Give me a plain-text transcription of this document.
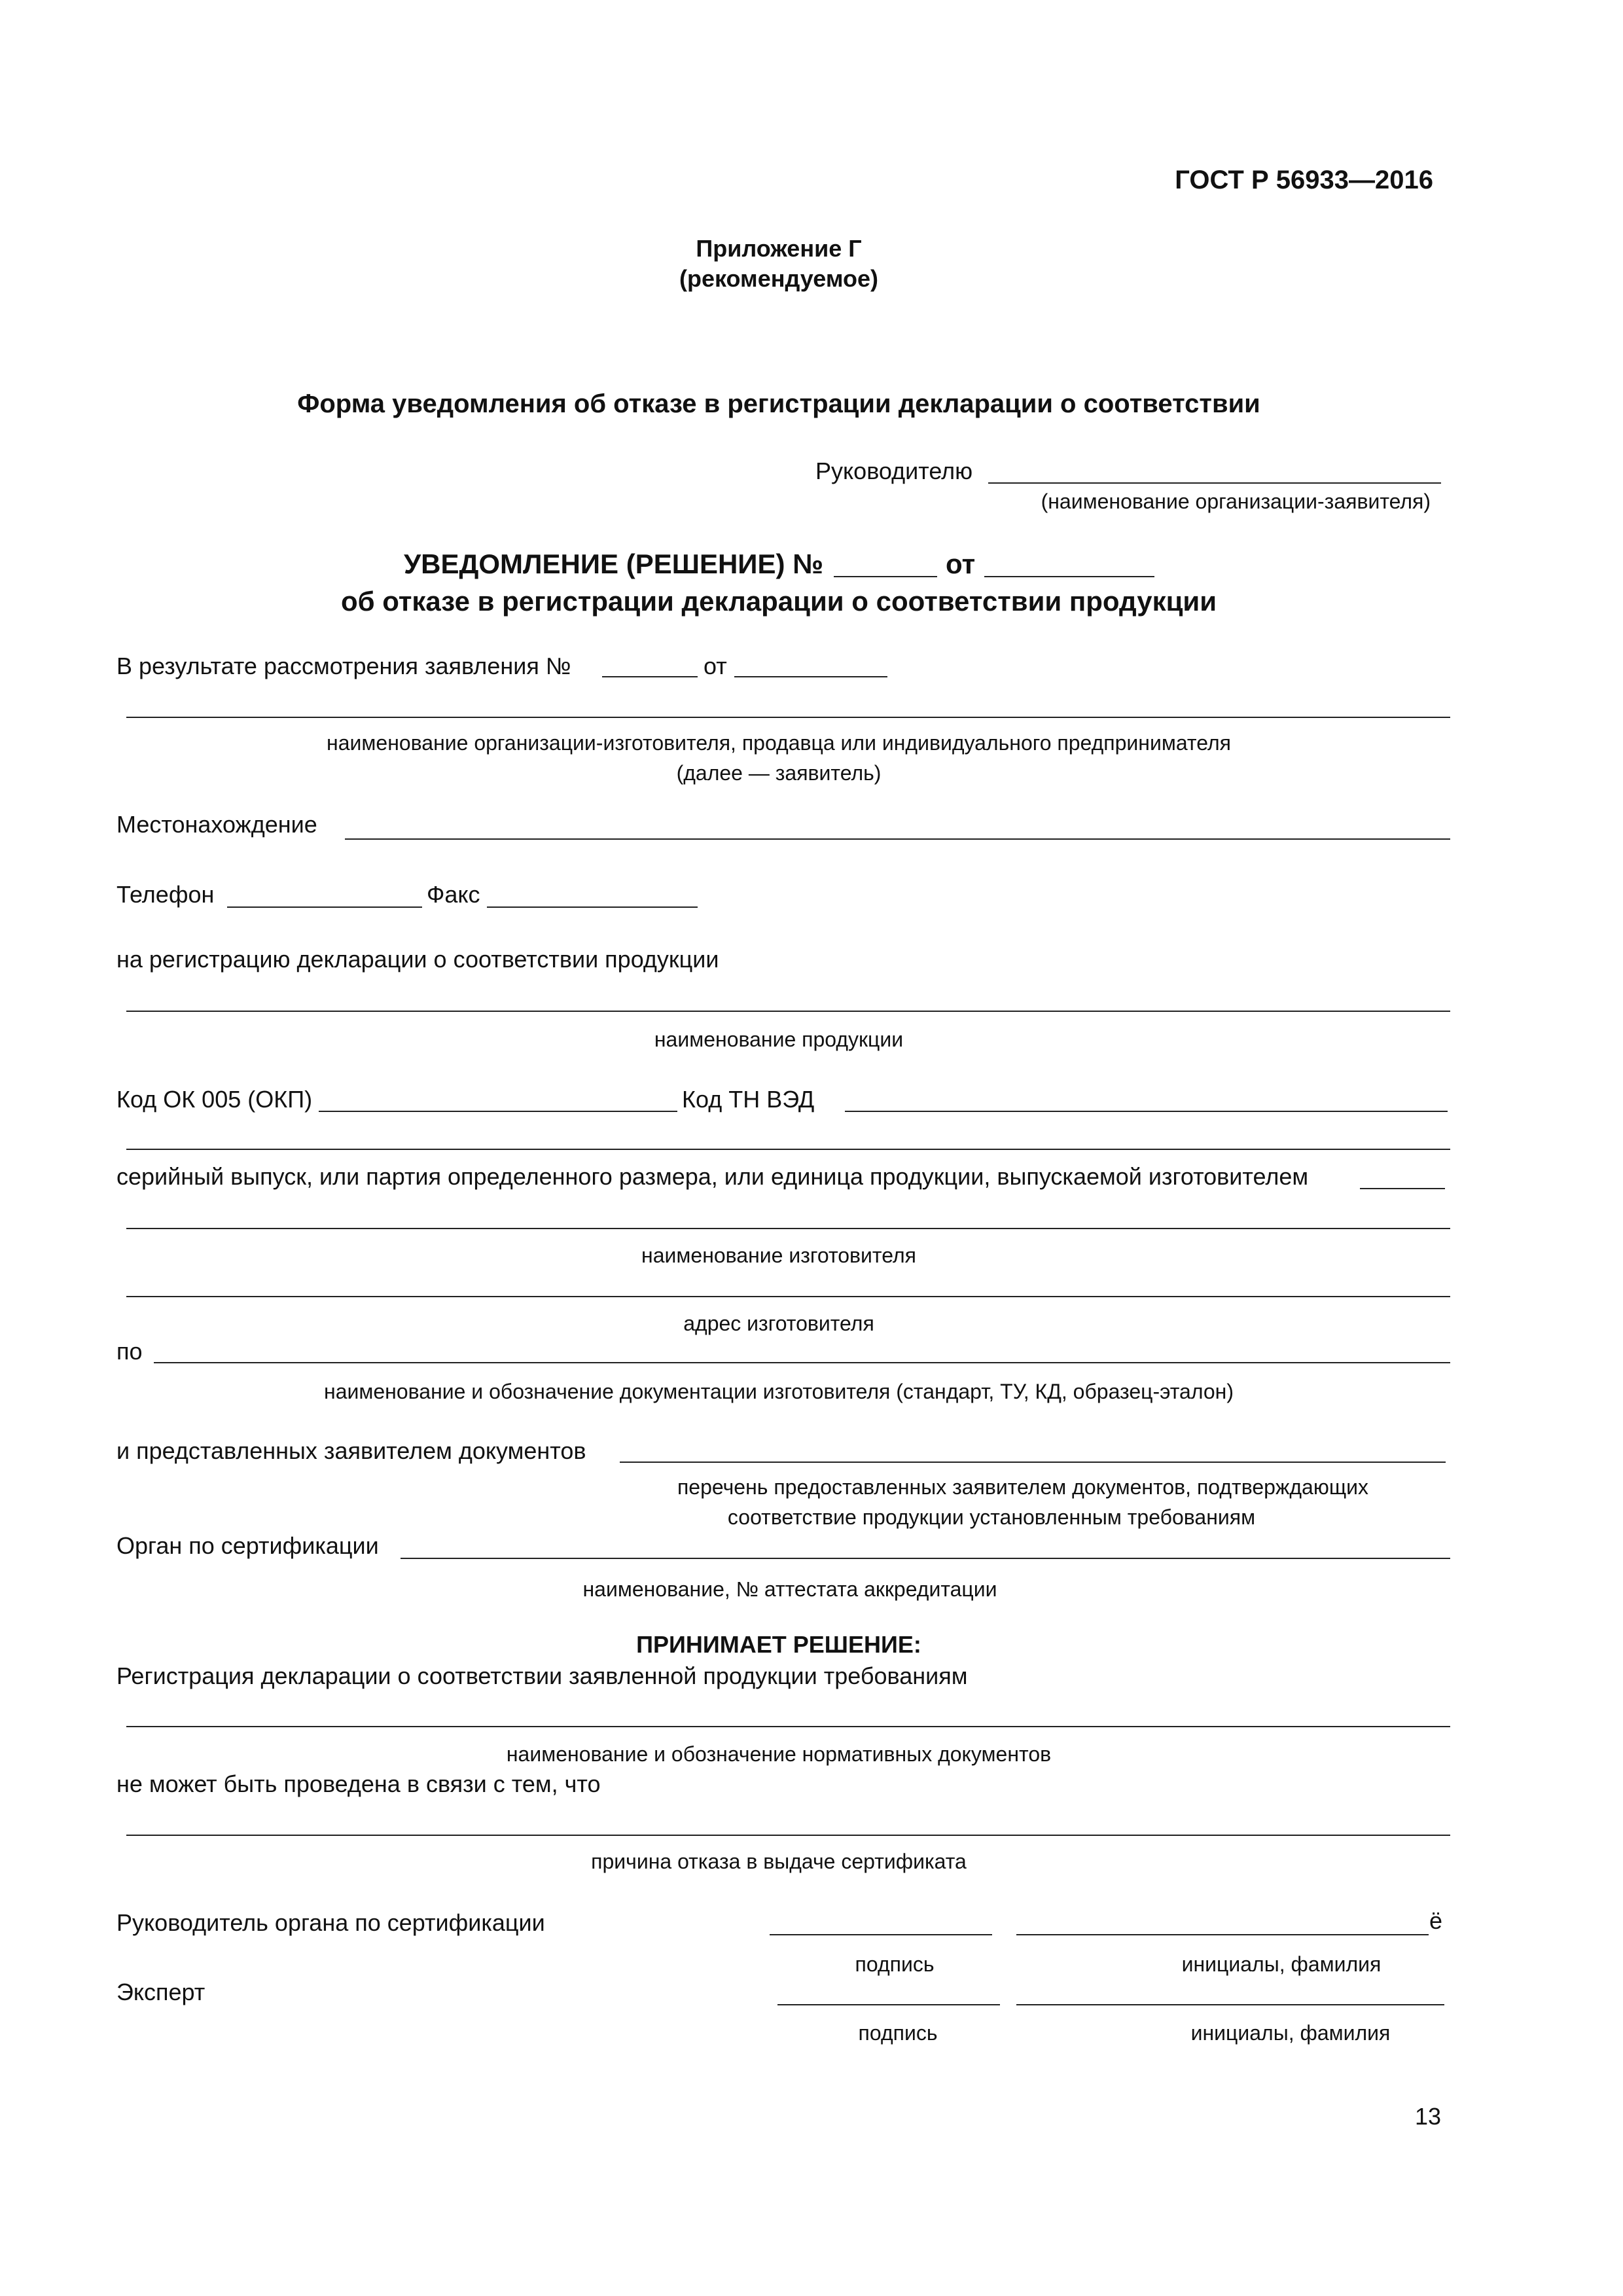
ГОСТ Р 56933—2016
Приложение Г
(рекомендуемое)
Форма уведомления об отказе в регистрации декларации о соответствии
Руководителю
(наименование организации-заявителя)
УВЕДОМЛЕНИЕ (РЕШЕНИЕ) №	от
об отказе в регистрации декларации о соответствии продукции
В результате рассмотрения заявления №	от
наименование организации-изготовителя, продавца или индивидуального предпринимателя
(далее — заявитель)
Местонахождение
Телефон	Факс
на регистрацию декларации о соответствии продукции
наименование продукции
Код ОК 005 (ОКП)	Код ТН ВЭД
серийный выпуск, или партия определенного размера, или единица продукции, выпускаемой изготовителем
наименование изготовителя
адрес изготовителя
по
наименование и обозначение документации изготовителя (стандарт, ТУ, КД, образец-эталон)
и представленных заявителем документов
перечень предоставленных заявителем документов, подтверждающих
соответствие продукции установленным требованиям
Орган по сертификации
наименование, № аттестата аккредитации
ПРИНИМАЕТ РЕШЕНИЕ:
Регистрация декларации о соответствии заявленной продукции требованиям
наименование и обозначение нормативных документов
не может быть проведена в связи с тем, что
причина отказа в выдаче сертификата
Руководитель органа по сертификации	ё
подпись	инициалы, фамилия
Эксперт
подпись	инициалы, фамилия
13
